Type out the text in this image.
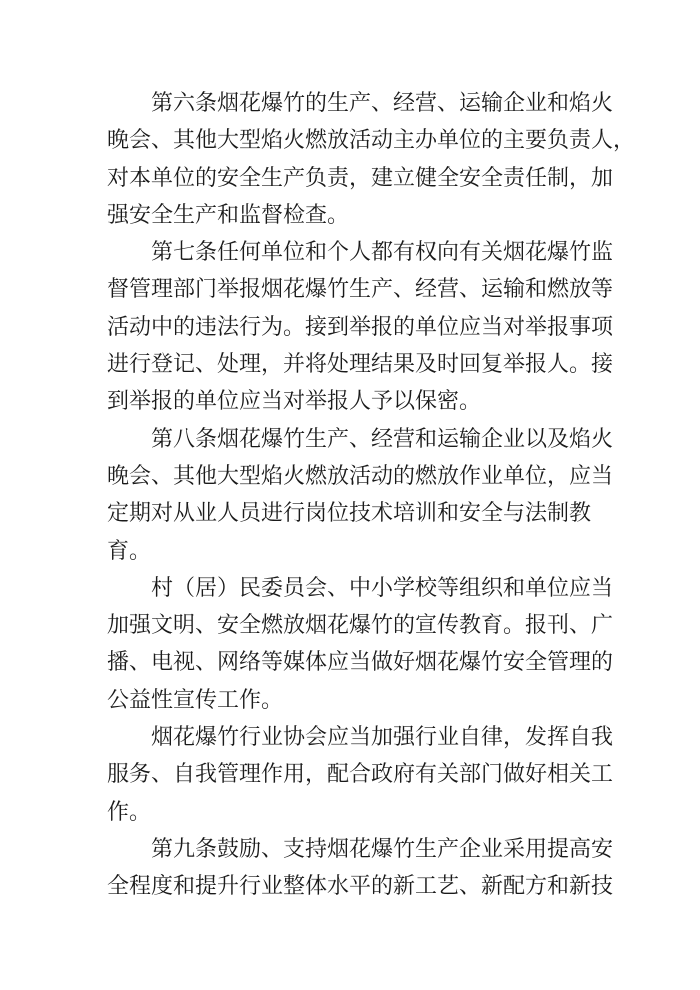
第六条烟花爆竹的生产、经营、运输企业和焰火
晚会、其他大型焰火燃放活动主办单位的主要负责人，
对本单位的安全生产负责，建立健全安全责任制，加
强安全生产和监督检查。

第七条任何单位和个人都有权向有关烟花爆竹监
督管理部门举报烟花爆竹生产、经营、运输和燃放等
活动中的违法行为。接到举报的单位应当对举报事项
进行登记、处理，并将处理结果及时回复举报人。接
到举报的单位应当对举报人予以保密。

第八条烟花爆竹生产、经营和运输企业以及焰火
晚会、其他大型焰火燃放活动的燃放作业单位，应当
定期对从业人员进行岗位技术培训和安全与法制教
育。

村（居）民委员会、中小学校等组织和单位应当
加强文明、安全燃放烟花爆竹的宣传教育。报刊、广
播、电视、网络等媒体应当做好烟花爆竹安全管理的
公益性宣传工作。

烟花爆竹行业协会应当加强行业自律，发挥自我
服务、自我管理作用，配合政府有关部门做好相关工
作。

第九条鼓励、支持烟花爆竹生产企业采用提高安
全程度和提升行业整体水平的新工艺、新配方和新技
